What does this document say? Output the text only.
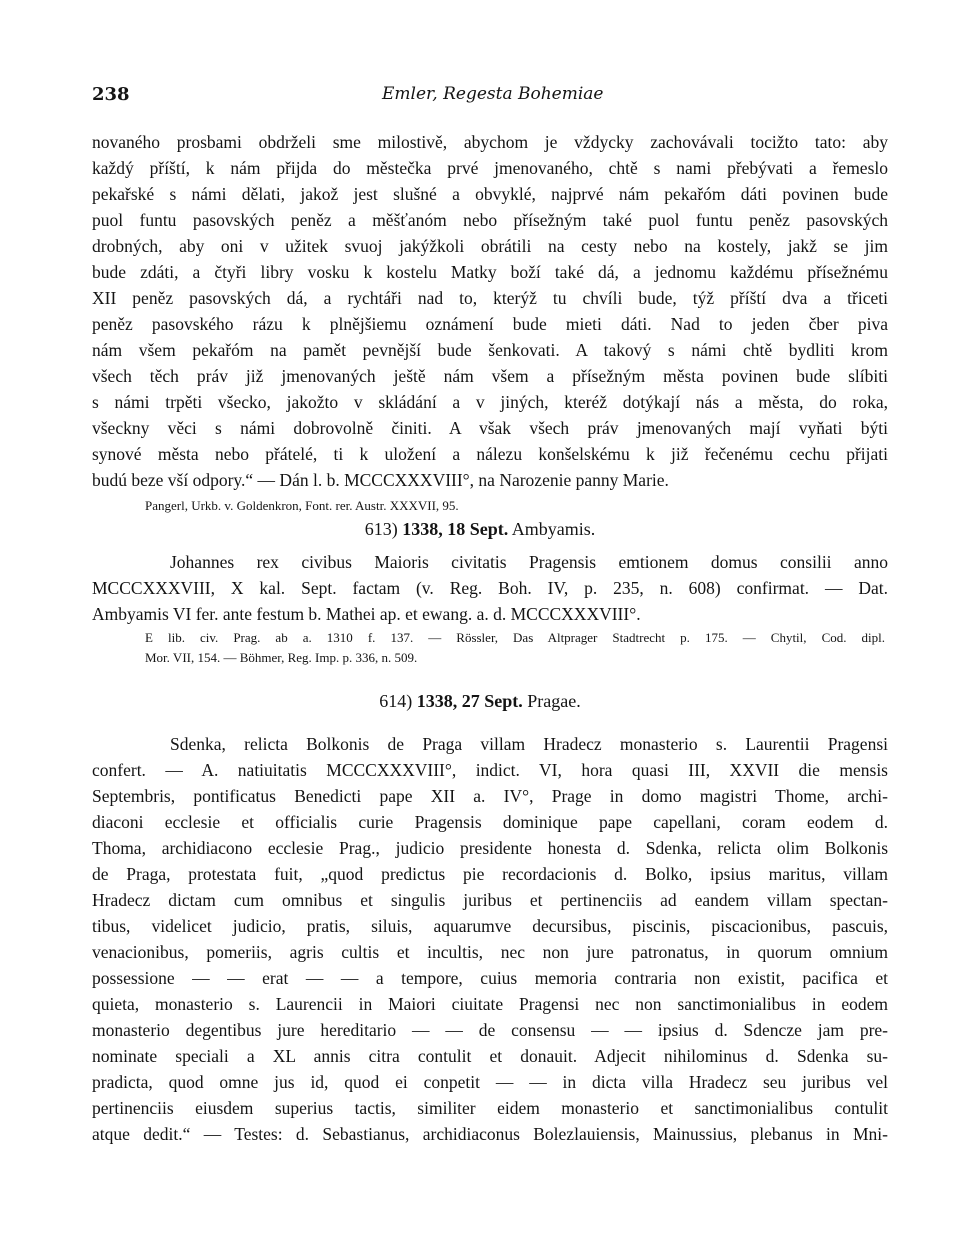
238	Emler, Regesta Bohemiae
novaného prosbami obdrželi sme milostivě, abychom je vždycky zachovávali tocižto tato: aby
každý příští, k nám přijda do městečka prvé jmenovaného, chtě s nami přebývati a řemeslo
pekařské s námi dělati, jakož jest slušné a obvyklé, najprvé nám pekařóm dáti povinen bude
puol funtu pasovských peněz a měšťanóm nebo přísežným také puol funtu peněz pasovských
drobných, aby oni v užitek svuoj jakýžkoli obrátili na cesty nebo na kostely, jakž se jim
bude zdáti, a čtyři libry vosku k kostelu Matky boží také dá, a jednomu každému přísežnému
XII peněz pasovských dá, a rychtáři nad to, kterýž tu chvíli bude, týž příští dva a třiceti
peněz pasovského rázu k plnějšiemu oznámení bude mieti dáti. Nad to jeden čber piva
nám všem pekařóm na pamět pevnější bude šenkovati. A takový s námi chtě bydliti krom
všech těch práv již jmenovaných ještě nám všem a přísežným města povinen bude slíbiti
s námi trpěti všecko, jakožto v skládání a v jiných, kteréž dotýkají nás a města, do roka,
všeckny věci s námi dobrovolně činiti. A však všech práv jmenovaných mají vyňati býti
synové města nebo přátelé, ti k uložení a nálezu konšelskému k již řečenému cechu přijati
budú beze vší odpory.“ — Dán l. b. MCCCXXXVIII°, na Narozenie panny Marie.
Pangerl, Urkb. v. Goldenkron, Font. rer. Austr. XXXVII, 95.
613) 1338, 18 Sept. Ambyamis.
Johannes rex civibus Maioris civitatis Pragensis emtionem domus consilii anno
MCCCXXXVIII, X kal. Sept. factam (v. Reg. Boh. IV, p. 235, n. 608) confirmat. — Dat.
Ambyamis VI fer. ante festum b. Mathei ap. et ewang. a. d. MCCCXXXVIII°.
E lib. civ. Prag. ab a. 1310 f. 137. — Rössler, Das Altprager Stadtrecht p. 175. — Chytil, Cod. dipl.
Mor. VII, 154. — Böhmer, Reg. Imp. p. 336, n. 509.
614) 1338, 27 Sept. Pragae.
Sdenka, relicta Bolkonis de Praga villam Hradecz monasterio s. Laurentii Pragensi
confert. — A. natiuitatis MCCCXXXVIII°, indict. VI, hora quasi III, XXVII die mensis
Septembris, pontificatus Benedicti pape XII a. IV°, Prage in domo magistri Thome, archi-
diaconi ecclesie et officialis curie Pragensis dominique pape capellani, coram eodem d.
Thoma, archidiacono ecclesie Prag., judicio presidente honesta d. Sdenka, relicta olim Bolkonis
de Praga, protestata fuit, „quod predictus pie recordacionis d. Bolko, ipsius maritus, villam
Hradecz dictam cum omnibus et singulis juribus et pertinenciis ad eandem villam spectan-
tibus, videlicet judicio, pratis, siluis, aquarumve decursibus, piscinis, piscacionibus, pascuis,
venacionibus, pomeriis, agris cultis et incultis, nec non jure patronatus, in quorum omnium
possessione — — erat — — a tempore, cuius memoria contraria non existit, pacifica et
quieta, monasterio s. Laurencii in Maiori ciuitate Pragensi nec non sanctimonialibus in eodem
monasterio degentibus jure hereditario — — de consensu — — ipsius d. Sdencze jam pre-
nominate speciali a XL annis citra contulit et donauit. Adjecit nihilominus d. Sdenka su-
pradicta, quod omne jus id, quod ei conpetit — — in dicta villa Hradecz seu juribus vel
pertinenciis eiusdem superius tactis, similiter eidem monasterio et sanctimonialibus contulit
atque dedit.“ — Testes: d. Sebastianus, archidiaconus Bolezlauiensis, Mainussius, plebanus in Mni-
